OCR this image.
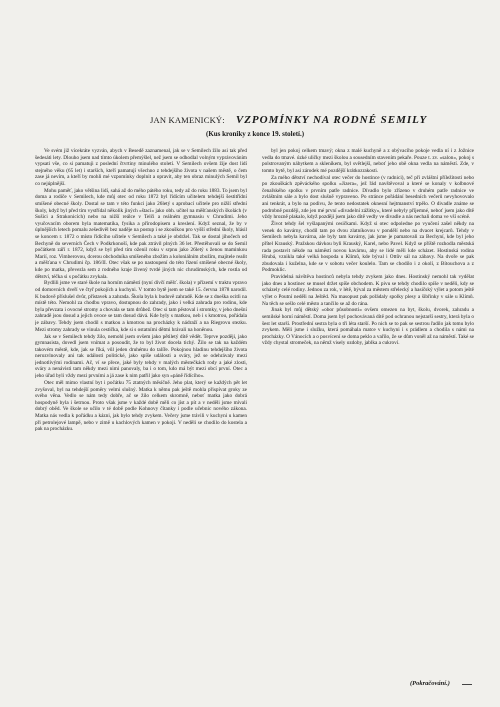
JAN KAMENICKÝ: VZPOMÍNKY NA RODNÉ SEMILY
(Kus kroniky z konce 19. století.)

Ve svém již vícekráte vyzván, abych v Besedě zaznamenal, jak se v Semilech žilo asi tak před šedesáti lety. Dlouho jsem nad tímto úkolem přemýšlel, než jsem se odhodlal volným vyprávováním vypsati vše, co si pamatuji z poslední čtvrtiny minulého století. V Semilech ovšem žije dost lidí stejného věku (65 let) i starších, kteří pamatují všechno z tehdejšího života v našem městě, o čem zase já nevím, a kteří by mohli mé vzpomínky doplnit a opravit, aby ten obraz minulých Semil byl co nejúplnější.

Mohu paměť, jako většina lidí, sahá až do mého pátého roku, tedy až do roku 1883. To jsem byl doma a rodiče v Semilech, kde můj otec od roku 1872 byl řídícím učitelem tehdejší šestitřídní smíšené obecné školy. Dostal se tam v této funkci jako 26letý s aprobací učitele pro nižší střední školy, když byl před tím vystřídal několik jiných »štací« jako obh. učitel na měšťanských školách (v Sušici a Strakonicích) nebo na nižší reálce v Telči a reálném gymnasiu v Chrudimi. Jeho vyučovacím oborem byla matematika, fysika a přírodopisem a kreslení. Když seznal, že by v úplnějších letech pomalu zešedivěl bez naděje na postup i se zkouškou pro vyšší střední školy, hlásil se koncem r. 1872 o místo řídícího učitele v Semilech a také je obdržel. Tak se dostal jihočech od Bechyně do severních Čech v Podkrkonoší, kde pak ztrávil plných 36 let. Přestěhovali se do Semil počátkem září r. 1872, když se byl před tím oženil roku v srpnu jako 26letý s ženou maminkou Marií, roz. Vimberovou, dcerou obchodníka smíšeného zbožím a koloniálním zbožím, majitele realit a měšťana v Chrudimi čp. 186/II. Otec však se po nastoupení do této řízení smíšené obecné školy, kde po matka, převezla sem z rodného kraje živený tvrdé jiných nic chrudimských, kde rostla od dětství, téčka si s počátku zvykala.

Bydlili jsme ve staré škole na horním náměstí (nyní dívčí měšť. škola) v přízemí v traktu vpravo od domovních dveří ve čtyř pokojích a kuchyni. V tomto bytě jsem se také 15. června 1878 narodil. K budově příslušel dvůr, přístavek a zahrada. Škola byla k budově zahradě. Kde se z dneška ocitli na místě této. Nemohl za chodbu vpravo, dostupnou do zahrady, jako i velká zahrada pro rodinu, kde byla převzata i ovocné stromy a chovala se tam drůbež. Otec si tam pěstoval i stromky, v jeho dnešní zahradě jsou dosud a jejich ovoce se tam dosud dává. Kde byly s matkou, neb i s kmotrou, pořádala je zábavy. Tehdy jsem chodil s matkou a kmotrou na procházky k nádraží a na Riegrovu stezku. Mezi stromy zahrady se vinula cestička, kde si s ostatními dětmi hrávali na honěnou.

Jak se v Semilech tehdy žilo, nemohl jsem ovšem jako pětiletý dítě vědět. Teprve později, jako gymnasista, dovedl jsem vnímat a posoudit, že to byl život docela tichý. Žilo se tak na každém takovém městě, kde, jak se říká, vůl jeden druhému do talíře. Pokojnou hladinu tehdejšího života nerozvlnovaly ani tak události politické, jako spíše události a sváry, jež se odehrávaly mezi jednotlivými rodinami. Ač, ví se přece, jaké byly tehdy v malých městečkách rody a jaké zlosti, sváry a nenávisti tam někdy mezi nimi panovaly, ba i o tom, kdo má být mezi obcí první. Otec a jeho úřad byli vždy mezi prvními a já zase k nim patřil jako syn »páně řídícího«.

Otec měl mimo vlastní byt i počátku 75 ztatných měsíčně. Jeho plat, který se každých pět let zvyšoval, byl na tehdejší poměry velmi slušný. Matka k němu pak ještě mohla přispívat groky ze svého věna. Vedlo se nám tedy dobře, ač se žilo celkem skromně, neboť matka jako dobrá hospodyně byla i šetrnou. Proto však jsme v každé době měli co jíst a pít a v neděli jsme mívali dobrý oběd. Ve škole se učilo v té době podle Kohnovy čítanky i podle učebnic nového zákona. Matka nás vedla k pořádku a kázni, jak bylo tehdy zvykem. Večery jsme trávili v kuchyni u kamen při petrolejové lampě, nebo v zimě u kachlových kamen v pokoji. V neděli se chodilo do kostela a pak na procházku.

byl jen pokoj celkem tmavý; okna z malé kuchyně a z obývacího pokoje vedla ní i z Jožnice vedla do tmavé. úzké uličky mezi školou a sousedním stavením pekaře. Pouze t. zv. »salon«, pokoj s polstrovaným nábytkem a skleníkem, byl světlejší, neboť jeho obě okna vedla na náměstí. Zde, v tomto bytě, byl asi zárodek mé pozdější krátkozrakosti.

Za mého dětství nechodíval otec večer do hostince (v radnici), teč při zvláštní příležitosti nebo po zkouškách zpěváckého spolku »Jizera«, jež řád navštěvoval a které se konaly v kolbnové čenařského spolku v prvním patře radnice. Dívadlo bylo zřízeno v druhém patře radnice ve zvláštním sále a bylo dost slušně vypraveno. Po stránce pořádání besedních večerů nevyhovovalo ani tenkrát, a bylo na podivu, že tento nedostatek oknesní hejtmanství trpělo. O divadle známe se podrobně později, zde jen mé první »divadelní zážitky«, které nebyly příjemné, neboť jsem jako dítě vždy hrozně plakalo, když později jsem jako dítě vedly ve divadle a nás nechali doma ve vší scéně.

Život tehdy šel vyšlapanými cesičkami. Když si otec odpoledne po vyučení zašel někdy na venek do kavárny, chodil tam po dvou zlatníkovou v pondělí nebo na dvacet krejcarů. Tehdy v Semilech nebyla kavárna, ale byly tam kavárny, jak jsme je pamatovali za Bechyní, kde byl jeho přítel Krauský. Pražskou dávkou byli Krauský, Karel, nebo Pavel. Když se příště rozhodla městská rada postavit někde na náměstí novou kavárnu, aby se lidé měli kde scházet. Hostinská rodina Hrubá, vznikla také velká hospoda u Klímů, kde býval i Ottův sál na zábavy. Na dvoře se pak zbudovala i kuželna, kde se v sobotu večer koulelo. Tam se chodilo i z okolí, z Bítouchova a z Podmoklic.

Pravidelná návštěva hostinců nebyla tehdy zvykem jako dnes. Hostinský nemohl tak vydělat jako dnes a hostinec se musel držet spíše obchodem. K pivu se tehdy chodilo spíše v neděli, kdy se scházely celé rodiny. Jednou za rok, v létě, býval za městem střelecký a hasičský výlet a potom ještě výlet o Poutní neděli na Ještěd. Na masopust pak pořádaly spolky plesy a šibřinky v sále u Klímů. Na těch se sešlo celé město a tančilo se až do rána.

Jinak byl můj dětský »obor působnosti« ovšem omezen na byt, školu, dvorek, zahradu a semilské horní náměstí. Doma jsem byl pochovávaná dítě pod ochranou nejstarší sestry, která byla o šest let starší. Prostřední sestra byla o tři léta starší. Po nich se to pak se sestrou řadilo jak tomu bylo zvykem. Měli jsme i služku, která pomáhala matce v kuchyni i s prádlem a chodila s námi na procházky. O Vánocích a o posvícení se doma peklo a vařilo, že se dům voněl až na náměstí. Také se vždy chystal stromeček, na němž visely ozdoby, jablka a cukroví.

(Pokračování.)
